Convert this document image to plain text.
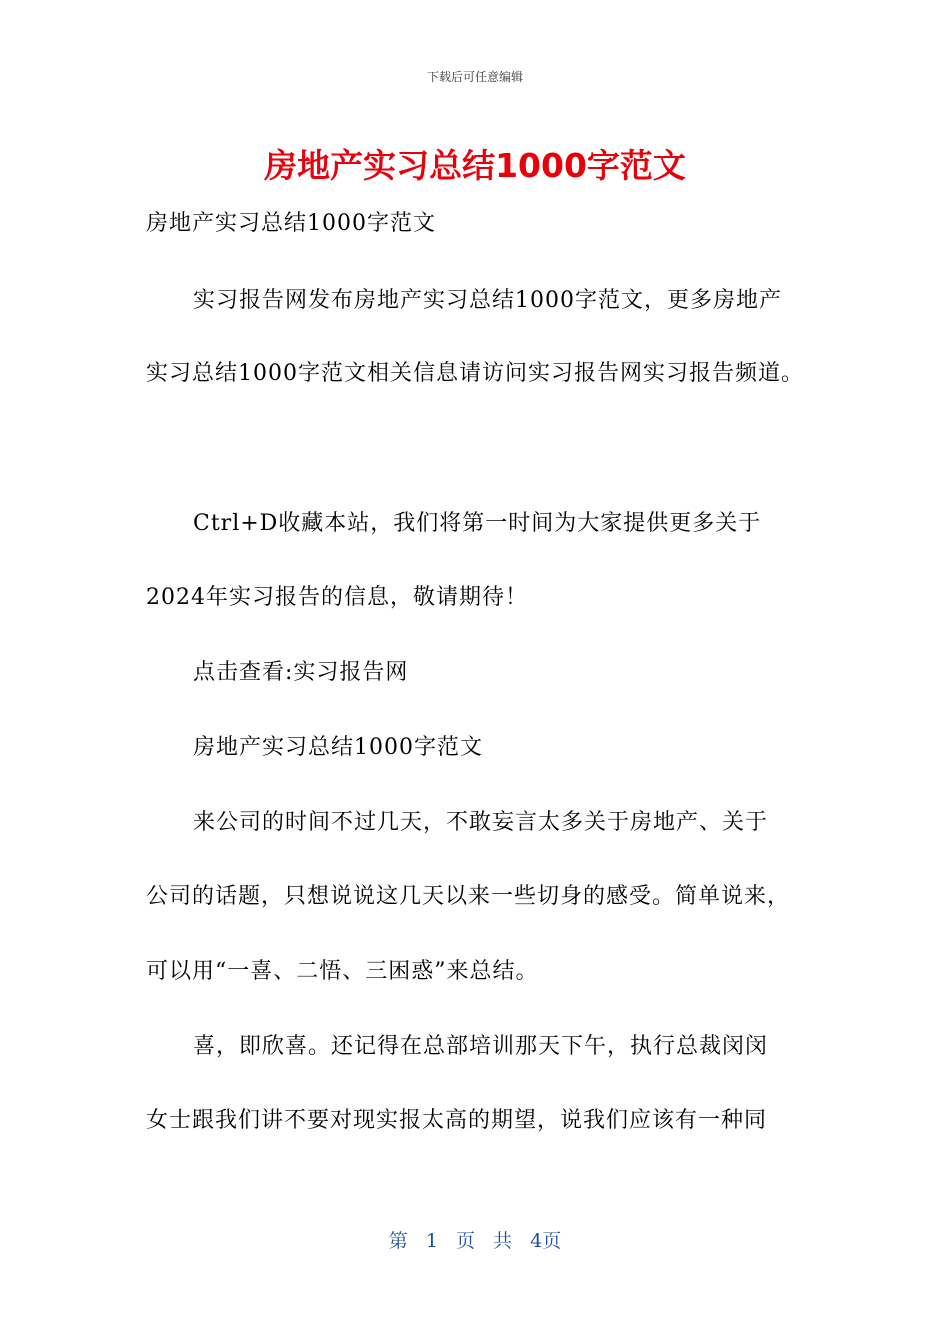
下载后可任意编辑
房地产实习总结1000字范文
房地产实习总结1000字范文
实习报告网发布房地产实习总结1000字范文，更多房地产
实习总结1000字范文相关信息请访问实习报告网实习报告频道。
Ctrl+D收藏本站，我们将第一时间为大家提供更多关于
2024年实习报告的信息，敬请期待！
点击查看:实习报告网
房地产实习总结1000字范文
来公司的时间不过几天，不敢妄言太多关于房地产、关于
公司的话题，只想说说这几天以来一些切身的感受。简单说来，
可以用“一喜、二悟、三困惑”来总结。
喜，即欣喜。还记得在总部培训那天下午，执行总裁闵闵
女士跟我们讲不要对现实报太高的期望，说我们应该有一种同
第 1 页 共 4页
